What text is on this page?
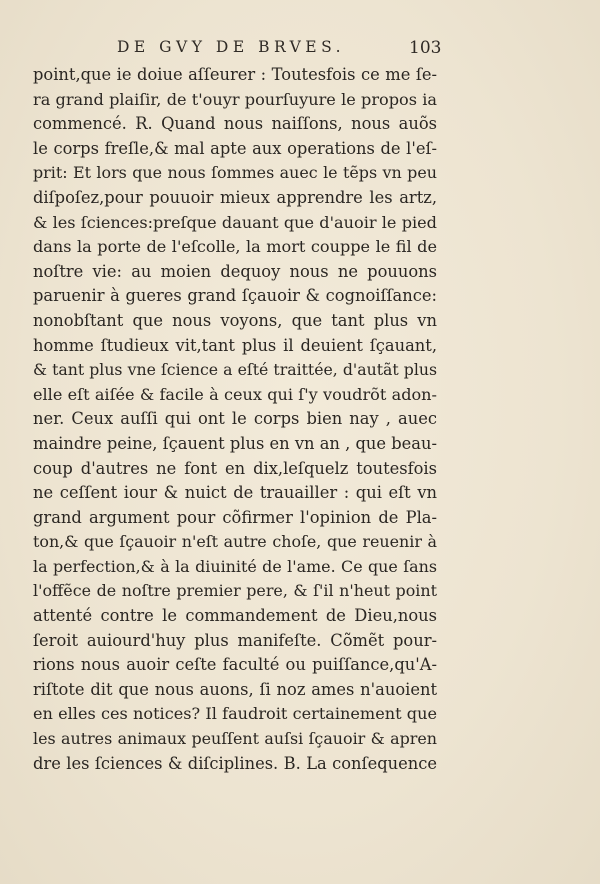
DE GVY DE BRVES.	103
point,que ie doiue aſſeurer : Toutesfois ce me ſe-
ra grand plaiſir, de t'ouyr pourſuyure le propos ia
commencé. R. Quand nous naiſſons, nous auõs
le corps freſle,& mal apte aux operations de l'eſ-
prit: Et lors que nous ſommes auec le tẽps vn peu
diſpoſez,pour pouuoir mieux apprendre les artz,
& les ſciences:preſque dauant que d'auoir le pied
dans la porte de l'eſcolle, la mort couppe le fil de
noſtre vie: au moien dequoy nous ne pouuons
paruenir à gueres grand ſçauoir & cognoiſſance:
nonobſtant que nous voyons, que tant plus vn
homme ſtudieux vit,tant plus il deuient ſçauant,
& tant plus vne ſcience a eſté traittée, d'autãt plus
elle eſt aiſée & facile à ceux qui ſ'y voudrõt adon-
ner. Ceux auſſi qui ont le corps bien nay , auec
maindre peine, ſçauent plus en vn an , que beau-
coup d'autres ne font en dix,leſquelz toutesfois
ne ceſſent iour & nuict de trauailler : qui eſt vn
grand argument pour cõfirmer l'opinion de Pla-
ton,& que ſçauoir n'eſt autre choſe, que reuenir à
la perfection,& à la diuinité de l'ame. Ce que ſans
l'offẽce de noſtre premier pere, & ſ'il n'heut point
attenté contre le commandement de Dieu,nous
ſeroit auiourd'huy plus manifeſte. Cõmẽt pour-
rions nous auoir ceſte faculté ou puiſſance,qu'A-
riſtote dit que nous auons, ſi noz ames n'auoient
en elles ces notices? Il faudroit certainement que
les autres animaux peuſſent auſsi ſçauoir & apren
dre les ſciences & diſciplines. B. La conſequence
